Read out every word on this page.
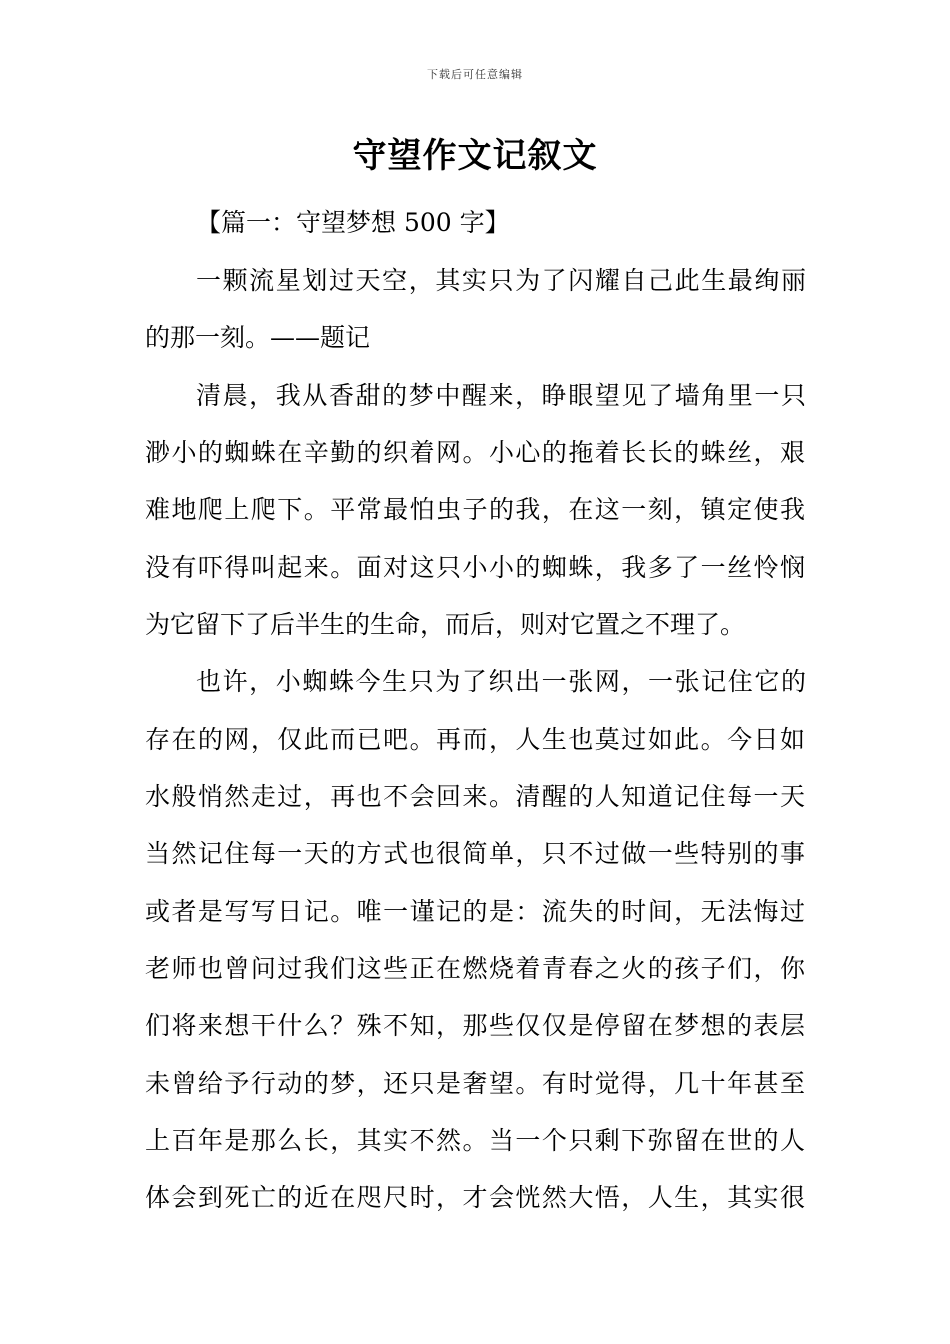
下载后可任意编辑
守望作文记叙文
【篇一：守望梦想 500 字】
一颗流星划过天空，其实只为了闪耀自己此生最绚丽
的那一刻。——题记
清晨，我从香甜的梦中醒来，睁眼望见了墙角里一只
渺小的蜘蛛在辛勤的织着网。小心的拖着长长的蛛丝，艰
难地爬上爬下。平常最怕虫子的我，在这一刻，镇定使我
没有吓得叫起来。面对这只小小的蜘蛛，我多了一丝怜悯
为它留下了后半生的生命，而后，则对它置之不理了。
也许，小蜘蛛今生只为了织出一张网，一张记住它的
存在的网，仅此而已吧。再而，人生也莫过如此。今日如
水般悄然走过，再也不会回来。清醒的人知道记住每一天
当然记住每一天的方式也很简单，只不过做一些特别的事
或者是写写日记。唯一谨记的是：流失的时间，无法悔过
老师也曾问过我们这些正在燃烧着青春之火的孩子们，你
们将来想干什么？殊不知，那些仅仅是停留在梦想的表层
未曾给予行动的梦，还只是奢望。有时觉得，几十年甚至
上百年是那么长，其实不然。当一个只剩下弥留在世的人
体会到死亡的近在咫尺时，才会恍然大悟，人生，其实很
